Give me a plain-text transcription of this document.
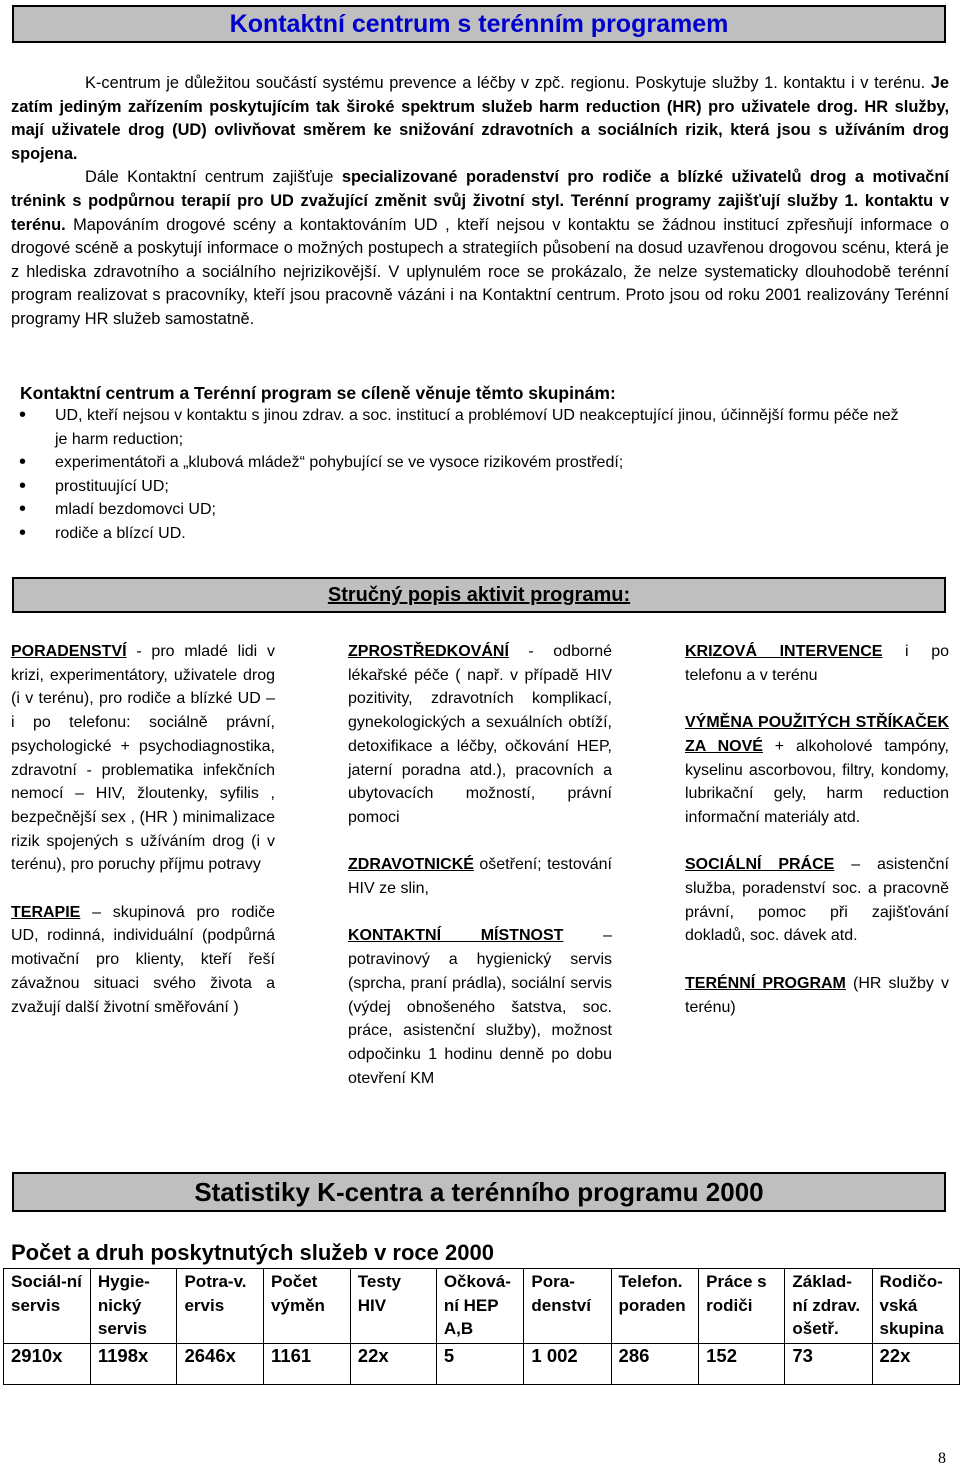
Kontaktní centrum s terénním programem

K-centrum je důležitou součástí systému prevence a léčby v zpč. regionu. Poskytuje služby 1. kontaktu i v terénu. Je zatím jediným zařízením poskytujícím tak široké spektrum služeb harm reduction (HR) pro uživatele drog. HR služby, mají uživatele drog (UD) ovlivňovat směrem ke snižování zdravotních a sociálních rizik, která jsou s užíváním drog spojena.

Dále Kontaktní centrum zajišťuje specializované poradenství pro rodiče a blízké uživatelů drog a motivační trénink s podpůrnou terapií pro UD zvažující změnit svůj životní styl. Terénní programy zajišťují služby 1. kontaktu v terénu. Mapováním drogové scény a kontaktováním UD , kteří nejsou v kontaktu se žádnou institucí zpřesňují informace o drogové scéně a poskytují informace o možných postupech a strategiích působení na dosud uzavřenou drogovou scénu, která je z hlediska zdravotního a sociálního nejrizikovější. V uplynulém roce se prokázalo, že nelze systematicky dlouhodobě terénní program realizovat s pracovníky, kteří jsou pracovně vázáni i na Kontaktní centrum. Proto jsou od roku 2001 realizovány Terénní programy HR služeb samostatně.

Kontaktní centrum a Terénní program se cíleně věnuje těmto skupinám:
• UD, kteří nejsou v kontaktu s jinou zdrav. a soc. institucí a problémoví UD neakceptující jinou, účinnější formu péče než je harm reduction;
• experimentátoři a „klubová mládež“ pohybující se ve vysoce rizikovém prostředí;
• prostituující UD;
• mladí bezdomovci UD;
• rodiče a blízcí UD.
Stručný popis aktivit programu:

PORADENSTVÍ - pro mladé lidi v krizi, experimentátory, uživatele drog (i v terénu), pro rodiče a blízké UD – i po telefonu: sociálně právní, psychologické + psychodiagnostika, zdravotní - problematika infekčních nemocí – HIV, žloutenky, syfilis , bezpečnější sex , (HR ) minimalizace rizik spojených s užíváním drog (i v terénu), pro poruchy příjmu potravy

TERAPIE – skupinová pro rodiče UD, rodinná, individuální (podpůrná motivační pro klienty, kteří řeší závažnou situaci svého života a zvažují další životní směřování )

ZPROSTŘEDKOVÁNÍ - odborné lékařské péče ( např. v případě HIV pozitivity, zdravotních komplikací, gynekologických a sexuálních obtíží, detoxifikace a léčby, očkování HEP, jaterní poradna atd.), pracovních a ubytovacích možností, právní pomoci

ZDRAVOTNICKÉ ošetření; testování HIV ze slin,

KONTAKTNÍ MÍSTNOST – potravinový a hygienický servis (sprcha, praní prádla), sociální servis (výdej obnošeného šatstva, soc. práce, asistenční služby), možnost odpočinku 1 hodinu denně po dobu otevření KM

KRIZOVÁ INTERVENCE i po telefonu a v terénu

VÝMĚNA POUŽITÝCH STŘÍKAČEK ZA NOVÉ + alkoholové tampóny, kyselinu ascorbovou, filtry, kondomy, lubrikační gely, harm reduction informační materiály atd.

SOCIÁLNÍ PRÁCE – asistenční služba, poradenství soc. a pracovně právní, pomoc při zajišťování dokladů, soc. dávek atd.

TERÉNNÍ PROGRAM (HR služby v terénu)

Statistiky K-centra a terénního programu 2000
Počet a druh poskytnutých služeb v roce 2000
Sociál-ní servis	Hygie-nický servis	Potra-v. ervis	Počet výměn	Testy HIV	Očková-ní HEP A,B	Pora-denství	Telefon. poraden	Práce s rodiči	Základ-ní zdrav. ošetř.	Rodičo-vská skupina
2910x	1198x	2646x	1161	22x	5	1 002	286	152	73	22x
8
